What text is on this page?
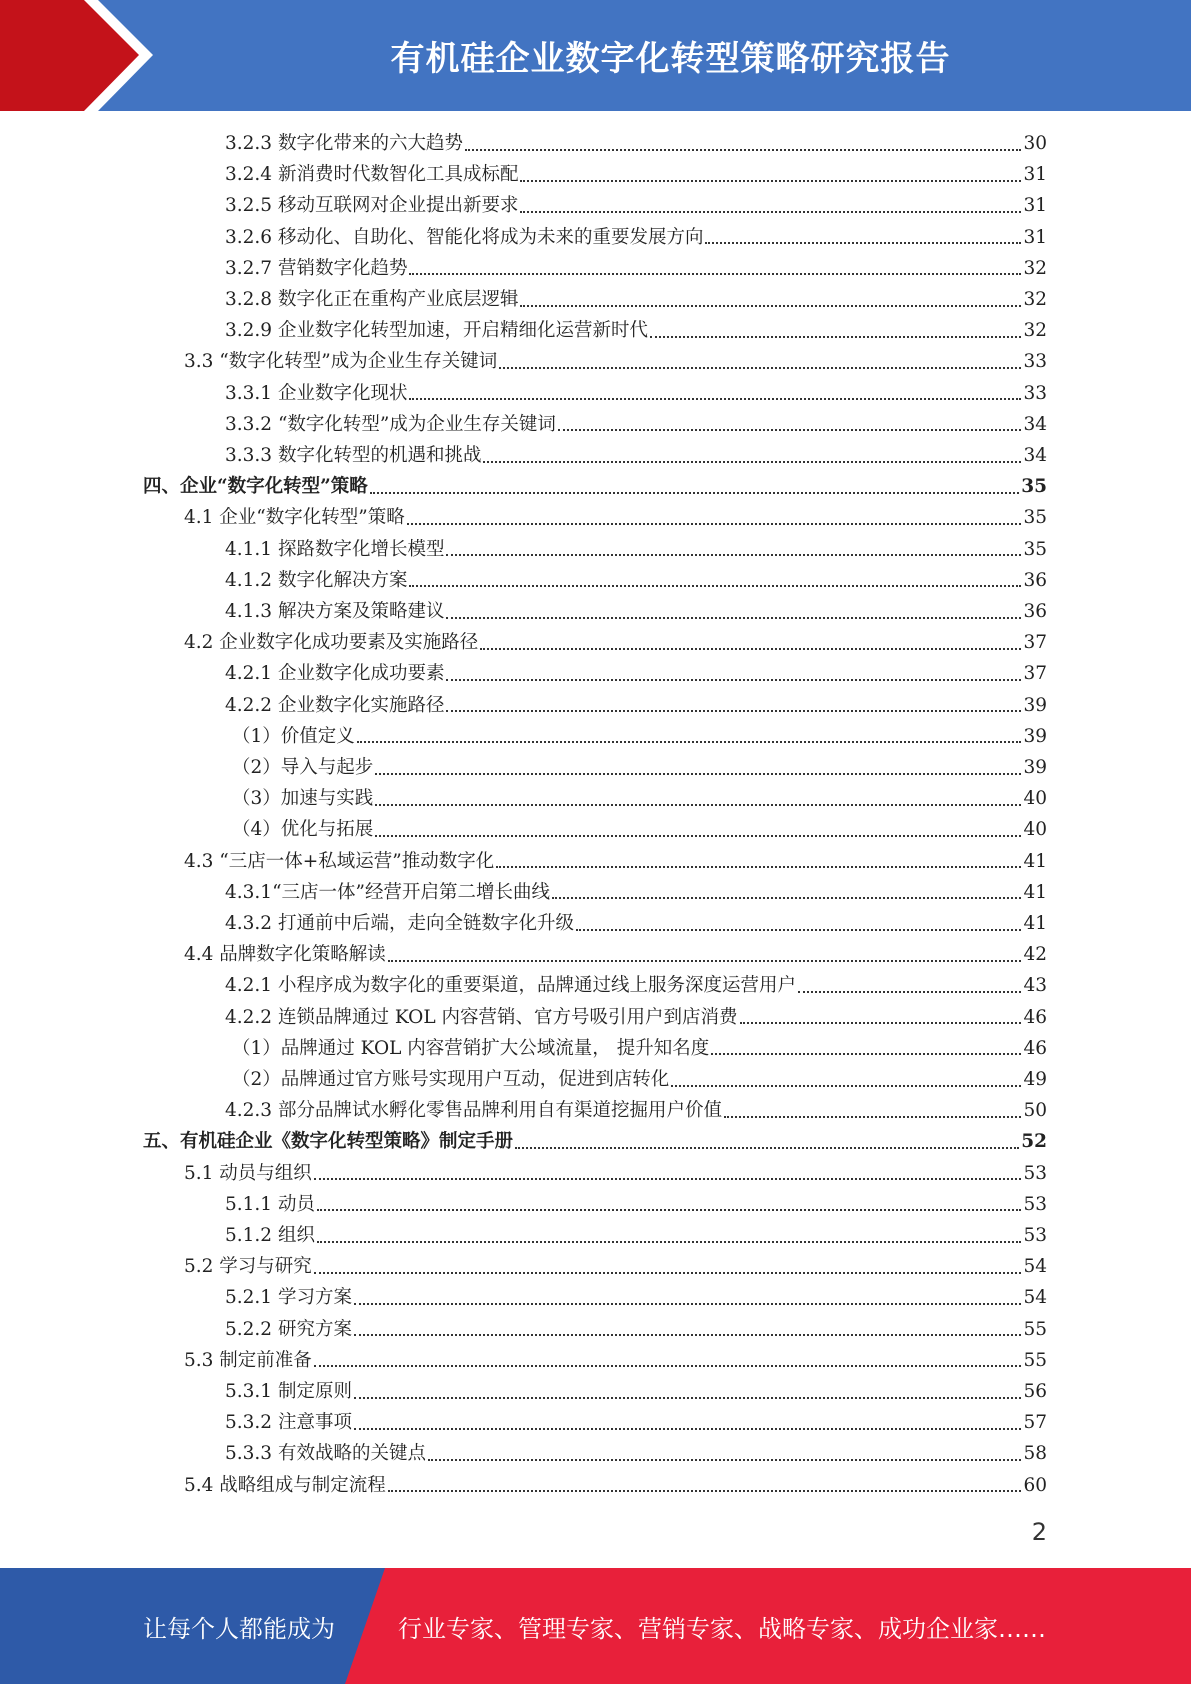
有机硅企业数字化转型策略研究报告
3.2.3 数字化带来的六大趋势	30
3.2.4 新消费时代数智化工具成标配	31
3.2.5 移动互联网对企业提出新要求	31
3.2.6 移动化、自助化、智能化将成为未来的重要发展方向	31
3.2.7 营销数字化趋势	32
3.2.8 数字化正在重构产业底层逻辑	32
3.2.9 企业数字化转型加速，开启精细化运营新时代	32
3.3 “数字化转型”成为企业生存关键词	33
3.3.1 企业数字化现状	33
3.3.2 “数字化转型”成为企业生存关键词	34
3.3.3 数字化转型的机遇和挑战	34
四、企业“数字化转型”策略	35
4.1 企业“数字化转型”策略	35
4.1.1 探路数字化增长模型	35
4.1.2 数字化解决方案	36
4.1.3 解决方案及策略建议	36
4.2 企业数字化成功要素及实施路径	37
4.2.1 企业数字化成功要素	37
4.2.2 企业数字化实施路径	39
（1）价值定义	39
（2）导入与起步	39
（3）加速与实践	40
（4）优化与拓展	40
4.3 “三店一体+私域运营”推动数字化	41
4.3.1“三店一体”经营开启第二增长曲线	41
4.3.2 打通前中后端，走向全链数字化升级	41
4.4 品牌数字化策略解读	42
4.2.1 小程序成为数字化的重要渠道，品牌通过线上服务深度运营用户	43
4.2.2 连锁品牌通过 KOL 内容营销、官方号吸引用户到店消费	46
（1）品牌通过 KOL 内容营销扩大公域流量， 提升知名度	46
（2）品牌通过官方账号实现用户互动，促进到店转化	49
4.2.3 部分品牌试水孵化零售品牌利用自有渠道挖掘用户价值	50
五、有机硅企业《数字化转型策略》制定手册	52
5.1 动员与组织	53
5.1.1 动员	53
5.1.2 组织	53
5.2 学习与研究	54
5.2.1 学习方案	54
5.2.2 研究方案	55
5.3 制定前准备	55
5.3.1 制定原则	56
5.3.2 注意事项	57
5.3.3 有效战略的关键点	58
5.4 战略组成与制定流程	60
2
让每个人都能成为	行业专家、管理专家、营销专家、战略专家、成功企业家……
